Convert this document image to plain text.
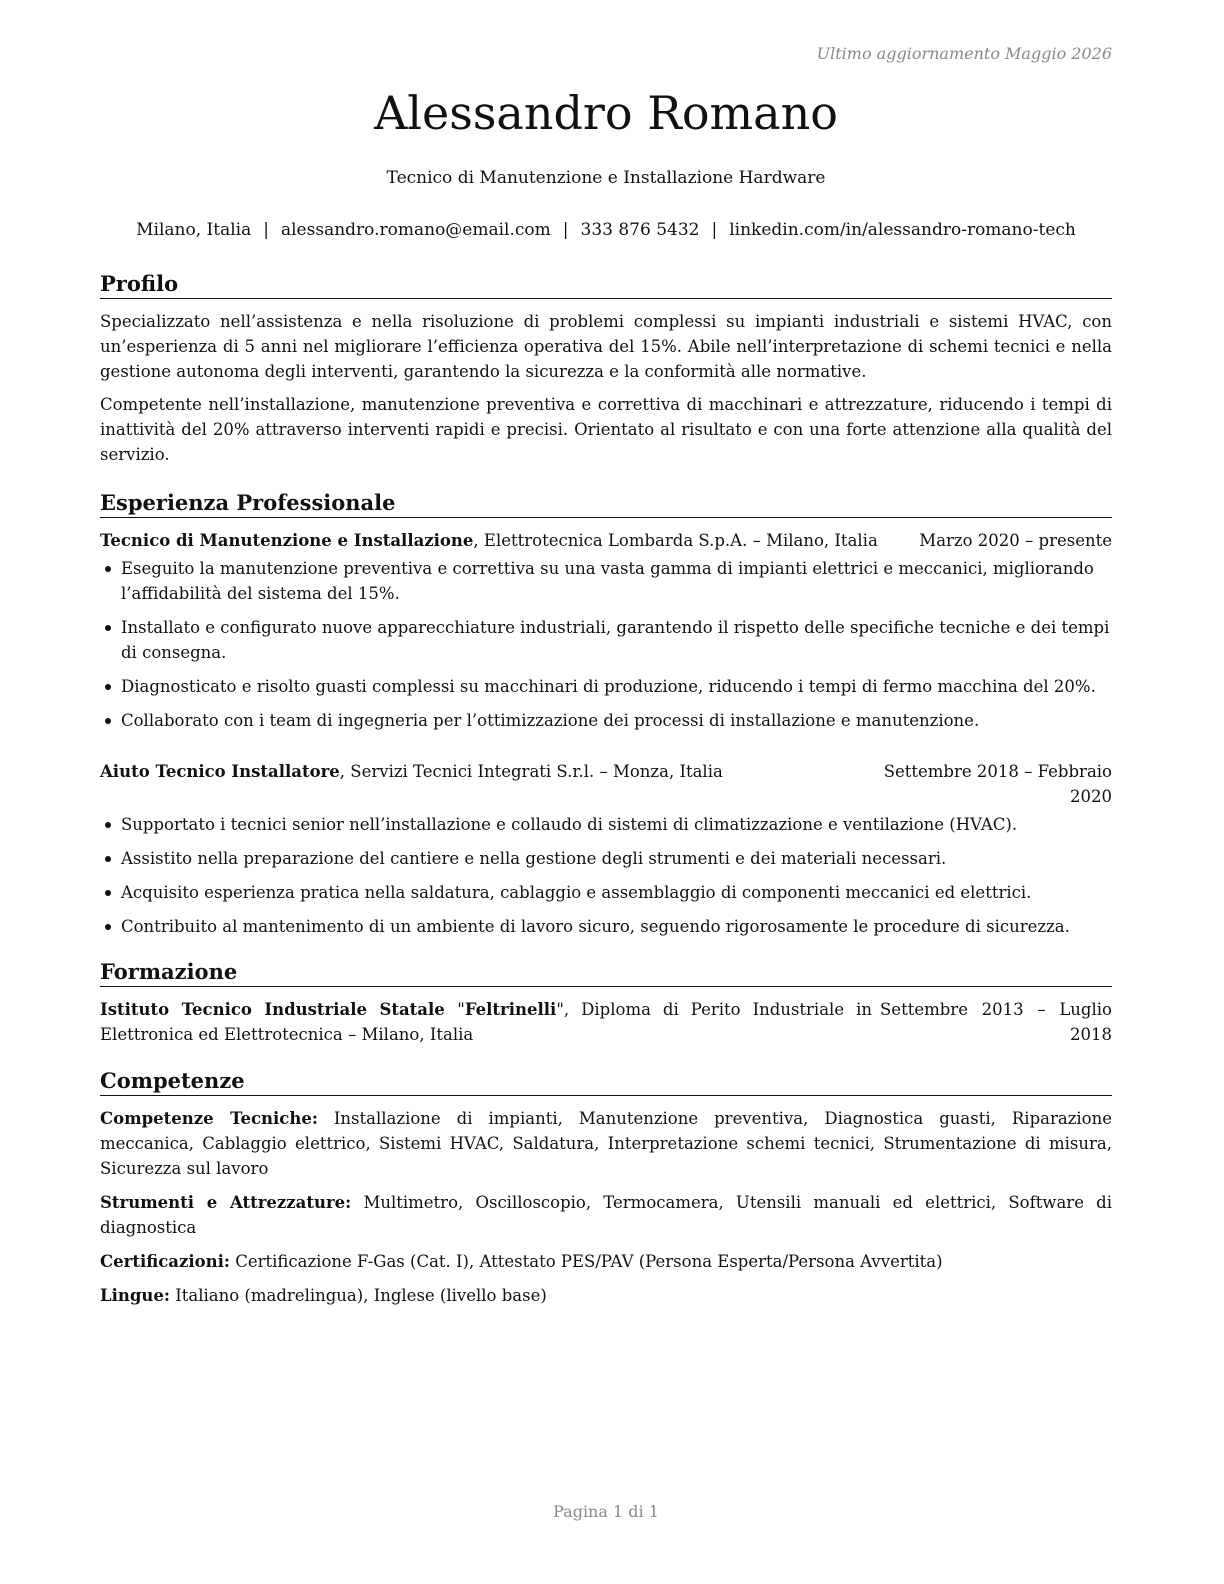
Ultimo aggiornamento Maggio 2026
Alessandro Romano
Tecnico di Manutenzione e Installazione Hardware
Milano, Italia | alessandro.romano@email.com | 333 876 5432 | linkedin.com/in/alessandro-romano-tech
Profilo

Specializzato nell’assistenza e nella risoluzione di problemi complessi su impianti industriali e sistemi HVAC, con un’esperienza di 5 anni nel migliorare l’efficienza operativa del 15%. Abile nell’interpretazione di schemi tecnici e nella gestione autonoma degli interventi, garantendo la sicurezza e la conformità alle normative.

Competente nell’installazione, manutenzione preventiva e correttiva di macchinari e attrezzature, riducendo i tempi di inattività del 20% attraverso interventi rapidi e precisi. Orientato al risultato e con una forte attenzione alla qualità del servizio.

Esperienza Professionale
Tecnico di Manutenzione e Installazione, Elettrotecnica Lombarda S.p.A. – Milano, Italia	Marzo 2020 – presente
Eseguito la manutenzione preventiva e correttiva su una vasta gamma di impianti elettrici e meccanici, migliorando l’affidabilità del sistema del 15%.
Installato e configurato nuove apparecchiature industriali, garantendo il rispetto delle specifiche tecniche e dei tempi di consegna.
Diagnosticato e risolto guasti complessi su macchinari di produzione, riducendo i tempi di fermo macchina del 20%.
Collaborato con i team di ingegneria per l’ottimizzazione dei processi di installazione e manutenzione.
Aiuto Tecnico Installatore, Servizi Tecnici Integrati S.r.l. – Monza, Italia	Settembre 2018 – Febbraio 2020
Supportato i tecnici senior nell’installazione e collaudo di sistemi di climatizzazione e ventilazione (HVAC).
Assistito nella preparazione del cantiere e nella gestione degli strumenti e dei materiali necessari.
Acquisito esperienza pratica nella saldatura, cablaggio e assemblaggio di componenti meccanici ed elettrici.
Contribuito al mantenimento di un ambiente di lavoro sicuro, seguendo rigorosamente le procedure di sicurezza.
Formazione
Istituto Tecnico Industriale Statale "Feltrinelli", Diploma di Perito Industriale in Elettronica ed Elettrotecnica – Milano, Italia
Settembre 2013 – Luglio 2018
Competenze
Competenze Tecniche: Installazione di impianti, Manutenzione preventiva, Diagnostica guasti, Riparazione meccanica, Cablaggio elettrico, Sistemi HVAC, Saldatura, Interpretazione schemi tecnici, Strumentazione di misura, Sicurezza sul lavoro
Strumenti e Attrezzature: Multimetro, Oscilloscopio, Termocamera, Utensili manuali ed elettrici, Software di diagnostica
Certificazioni: Certificazione F-Gas (Cat. I), Attestato PES/PAV (Persona Esperta/Persona Avvertita)
Lingue: Italiano (madrelingua), Inglese (livello base)
Pagina 1 di 1
